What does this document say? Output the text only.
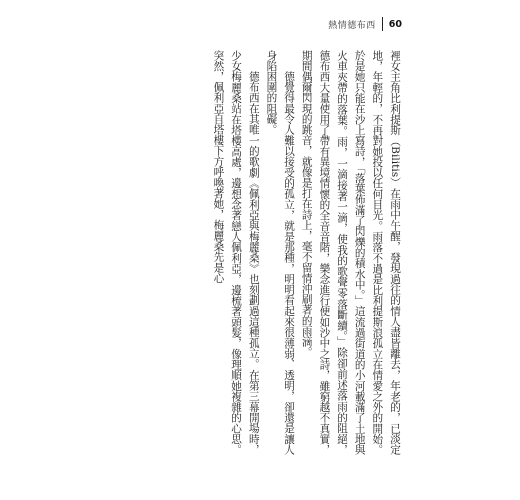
熱情德布西 60

裡女主角比利提斯（Bilitis）在雨中午醒，發現過往的情人盡皆離去，年老的，已淡定地，年輕的，不再對她投以任何目光。雨落不過是比利提斯浪孤立在情愛之外的開始。於是她只能在沙上寫詩，「落葉佈滿了閃爍的積水中。」這流過街道的小河載滿了土地與火車夾帶的落葉。雨，一滴接著一滴，使我的歌聲零落斷續。」除卻前述落雨的阻絕，德布西大量使用了帶有異境情懷的全音音階，樂念進行便如沙中之詩，雖窮越不真實，期間偶爾閃現的跳音，就像是打在詩上，毫不留情沖刷著的雨滴。

德覺得最令人難以接受的孤立，就是那種，明明看起來很薄弱、透明，卻還是讓人身陷困圍的阻礙。

德布西在其唯一的歌劇《佩利亞與梅麗桑》也刻劃過這種孤立。在第三幕開場時，少女梅麗桑站在塔樓高處，邊想念著戀人佩利亞，邊梳著頭髮，像理順她複雜的心思。突然，佩利亞自塔樓下方呼喚著她，梅麗桑先是心
